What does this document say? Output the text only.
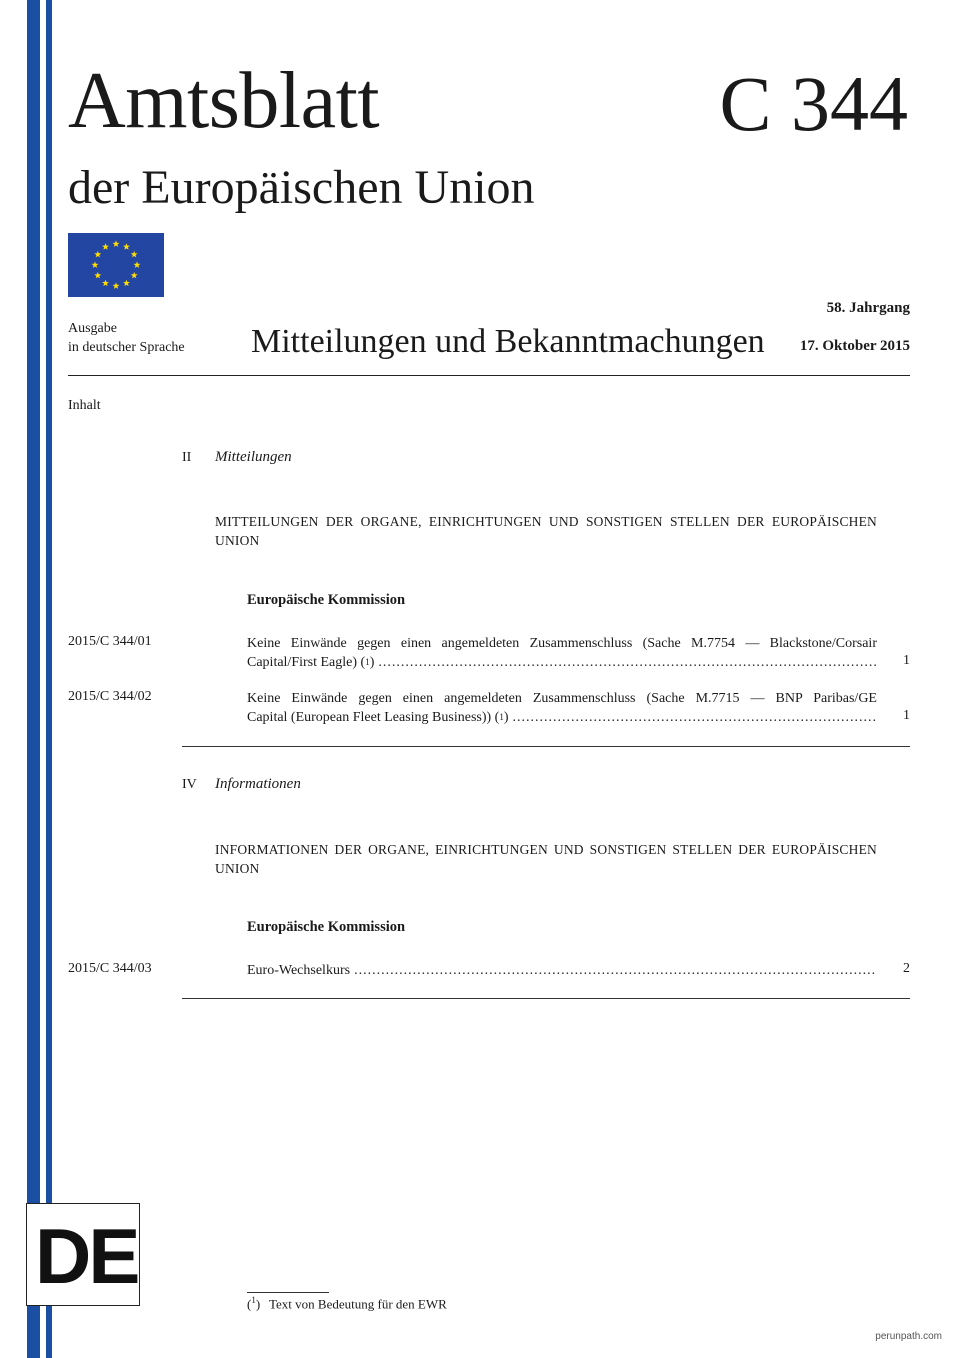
Amtsblatt	C 344
der Europäischen Union
Ausgabe
in deutscher Sprache Mitteilungen und Bekanntmachungen
58. Jahrgang
17. Oktober 2015
Inhalt
II Mitteilungen
MITTEILUNGEN DER ORGANE, EINRICHTUNGEN UND SONSTIGEN STELLEN DER EUROPÄISCHEN UNION
Europäische Kommission
2015/C 344/01	Keine Einwände gegen einen angemeldeten Zusammenschluss (Sache M.7754 — Blackstone/Corsair
Capital/First Eagle) ( 1 ) .....	1
2015/C 344/02	Keine Einwände gegen einen angemeldeten Zusammenschluss (Sache M.7715 — BNP Paribas/GE
Capital (European Fleet Leasing Business)) ( 1 ) .....	1
IV Informationen
INFORMATIONEN DER ORGANE, EINRICHTUNGEN UND SONSTIGEN STELLEN DER EUROPÄISCHEN UNION
Europäische Kommission
2015/C 344/03	Euro-Wechselkurs .....	2
DE
($^1$) Text von Bedeutung für den EWR
perunpath.com
